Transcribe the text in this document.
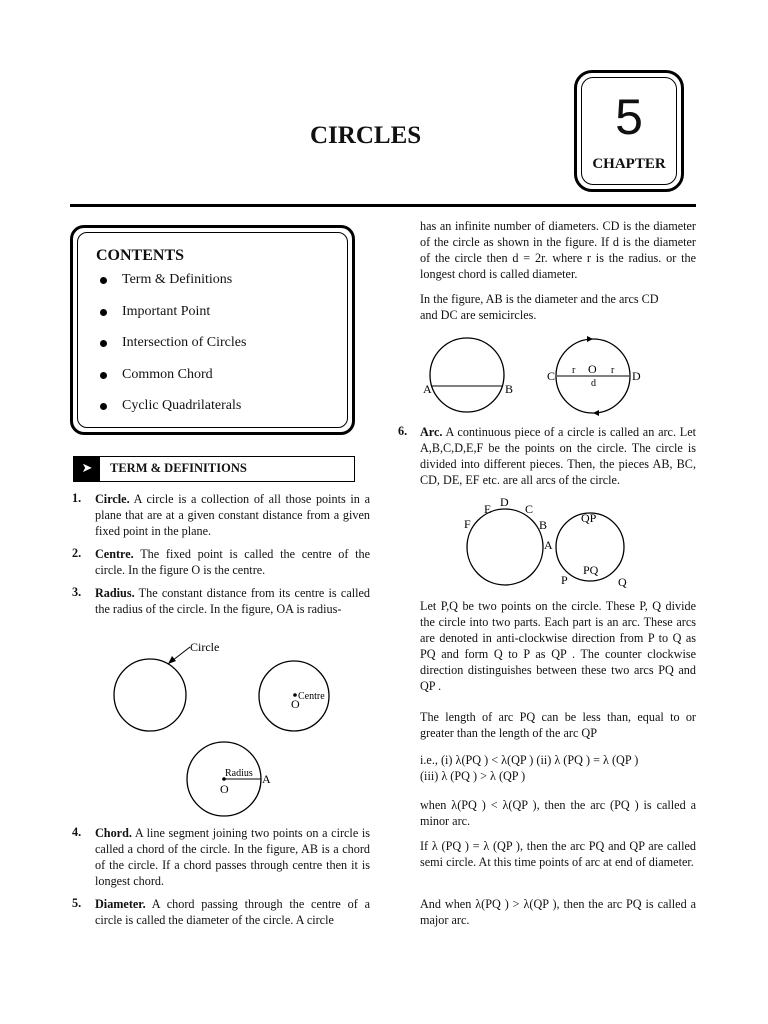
CIRCLES	5
CHAPTER
CONTENTS
Term & Definitions
Important Point
Intersection of Circles
Common Chord
Cyclic Quadrilaterals
➤	TERM & DEFINITIONS
1. Circle. A circle is a collection of all those points in a plane that are at a given constant distance from a given fixed point in the plane.
2. Centre. The fixed point is called the centre of the circle. In the figure O is the centre.
3. Radius. The constant distance from its centre is called the radius of the circle. In the figure, OA is radius-
Circle
Centre
O
Radius
O
A
4. Chord. A line segment joining two points on a circle is called a chord of the circle. In the figure, AB is a chord of the circle. If a chord passes through centre then it is longest chord.
5. Diameter. A chord passing through the centre of a circle is called the diameter of the circle. A circle
has an infinite number of diameters. CD is the diameter of the circle as shown in the figure. If d is the diameter of the circle then d = 2r. where r is the radius. or the longest chord is called diameter.
In the figure, AB is the diameter and the arcs CD
and DC are semicircles.
A	B
C	D
O
r	r
d
6. Arc. A continuous piece of a circle is called an arc. Let A,B,C,D,E,F be the points on the circle. The circle is divided into different pieces. Then, the pieces AB, BC, CD, DE, EF etc. are all arcs of the circle.
E D C
B
A
F	QP
PQ
P	Q
Let P,Q be two points on the circle. These P, Q divide the circle into two parts. Each part is an arc. These arcs are denoted in anti-clockwise direction from P to Q as PQ and form Q to P as QP . The counter clockwise direction distinguishes between these two arcs PQ and QP .
The length of arc PQ can be less than, equal to or greater than the length of the arc QP
i.e., (i) λ(PQ ) < λ(QP ) (ii) λ (PQ ) = λ (QP )
(iii) λ (PQ ) > λ (QP )
when λ(PQ ) < λ(QP ), then the arc (PQ ) is called a minor arc.
If λ (PQ ) = λ (QP ), then the arc PQ and QP are called semi circle. At this time points of arc at end of diameter.
And when λ(PQ ) > λ(QP ), then the arc PQ is called a major arc.
